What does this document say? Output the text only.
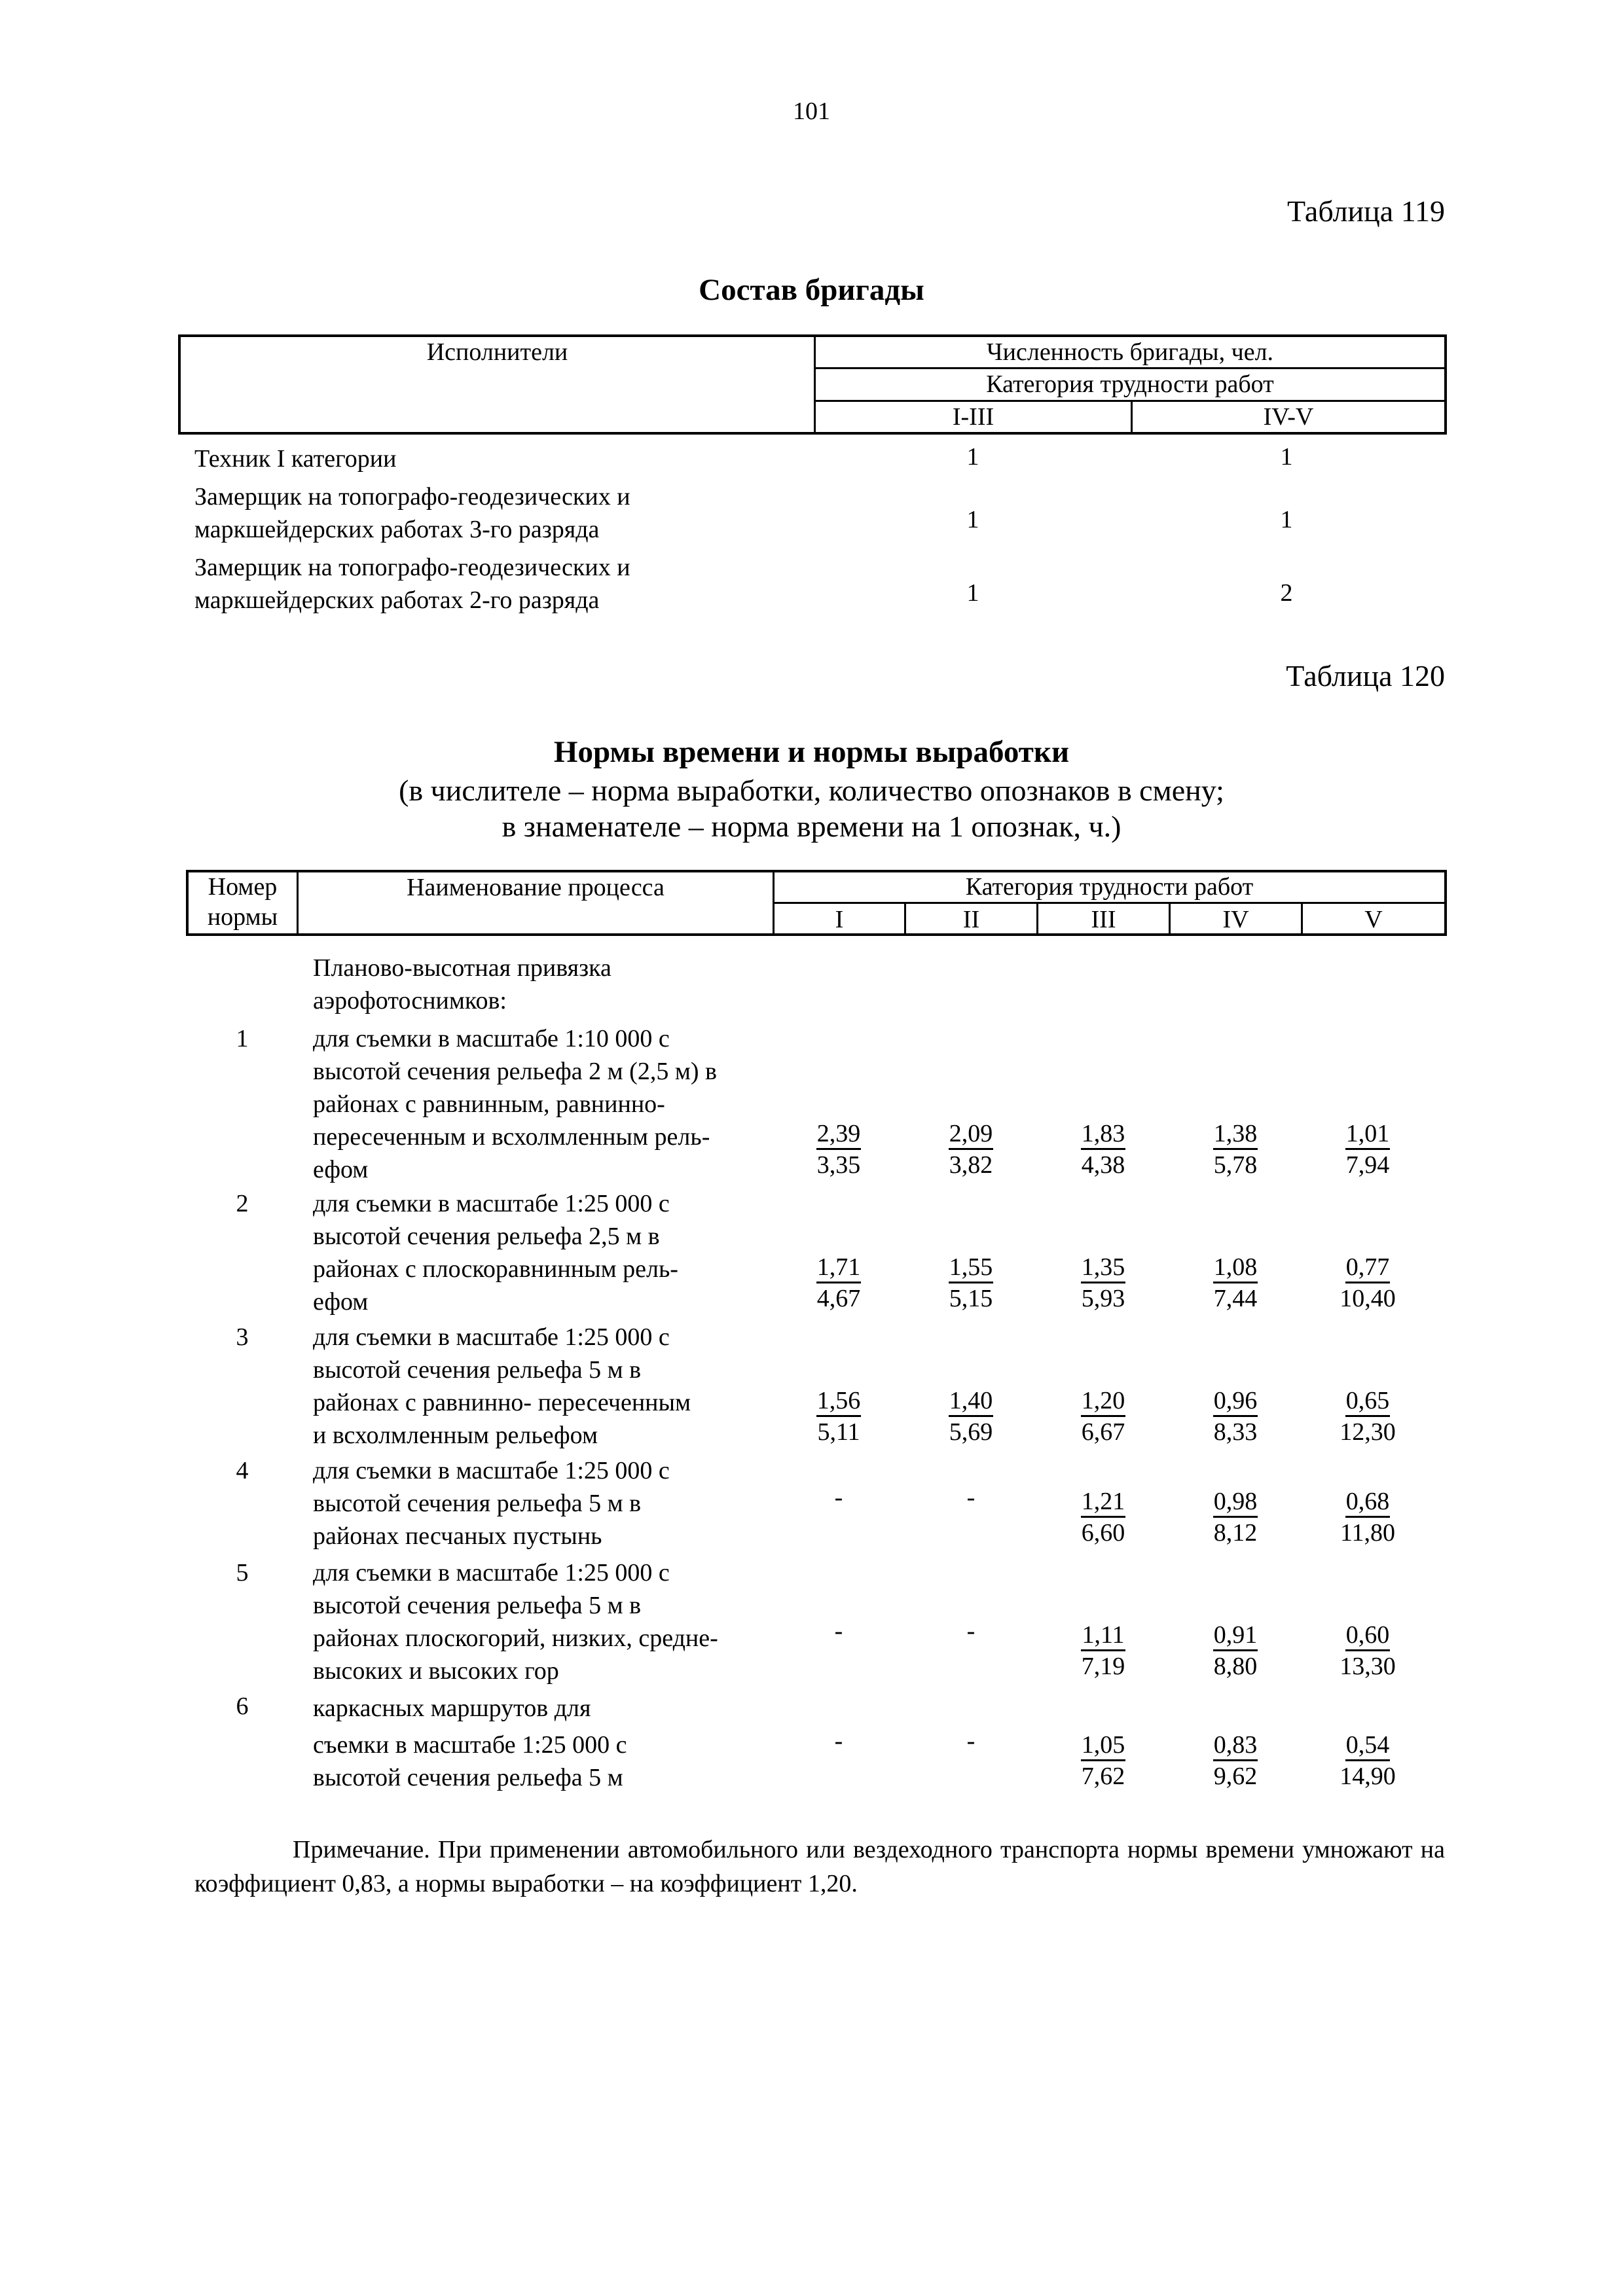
101
Таблица 119
Состав бригады
Исполнители	Численность бригады, чел.
Категория трудности работ
I-III	IV-V
Техник I категории	1	1
Замерщик на топографо-геодезических и
маркшейдерских работах 3-го разряда	1	1
Замерщик на топографо-геодезических и
маркшейдерских работах 2-го разряда	1	2
Таблица 120
Нормы времени и нормы выработки
(в числителе – норма выработки, количество опознаков в смену;
в знаменателе – норма времени на 1 опознак, ч.)
Номер
нормы
Наименование процесса	Категория трудности работ
I	II	III	IV	V
Планово-высотная привязка
аэрофотоснимков:
1	для съемки в масштабе 1:10 000 с
высотой сечения рельефа 2 м (2,5 м) в
районах с равнинным, равнинно-
пересеченным и всхолмленным рель-
ефом	$\frac{2,39}{3,35} \frac{2,09}{3,82} \frac{1,83}{4,38} \frac{1,38}{5,78} \frac{1,01}{7,94}$
2	для съемки в масштабе 1:25 000 с
высотой сечения рельефа 2,5 м в
районах с плоскоравнинным рель-
ефом	$\frac{1,71}{4,67} \frac{1,55}{5,15} \frac{1,35}{5,93} \frac{1,08}{7,44} \frac{0,77}{10,40}$
3	для съемки в масштабе 1:25 000 с
высотой сечения рельефа 5 м в
районах с равнинно- пересеченным
и всхолмленным рельефом	$\frac{1,56}{5,11} \frac{1,40}{5,69} \frac{1,20}{6,67} \frac{0,96}{8,33} \frac{0,65}{12,30}$
4	для съемки в масштабе 1:25 000 с
высотой сечения рельефа 5 м в
районах песчаных пустынь
-	-	$\frac{1,21}{6,60} \frac{0,98}{8,12} \frac{0,68}{11,80}$
5	для съемки в масштабе 1:25 000 с
высотой сечения рельефа 5 м в
районах плоскогорий, низких, средне-
высоких и высоких гор
-	-	$\frac{1,11}{7,19} \frac{0,91}{8,80} \frac{0,60}{13,30}$
6	каркасных маршрутов для
съемки в масштабе 1:25 000 с
высотой сечения рельефа 5 м
-	-	$\frac{1,05}{7,62} \frac{0,83}{9,62} \frac{0,54}{14,90}$
Примечание. При применении автомобильного или вездеходного транспорта нормы времени умножают на коэффициент 0,83, а нормы выработки – на коэффициент 1,20.
